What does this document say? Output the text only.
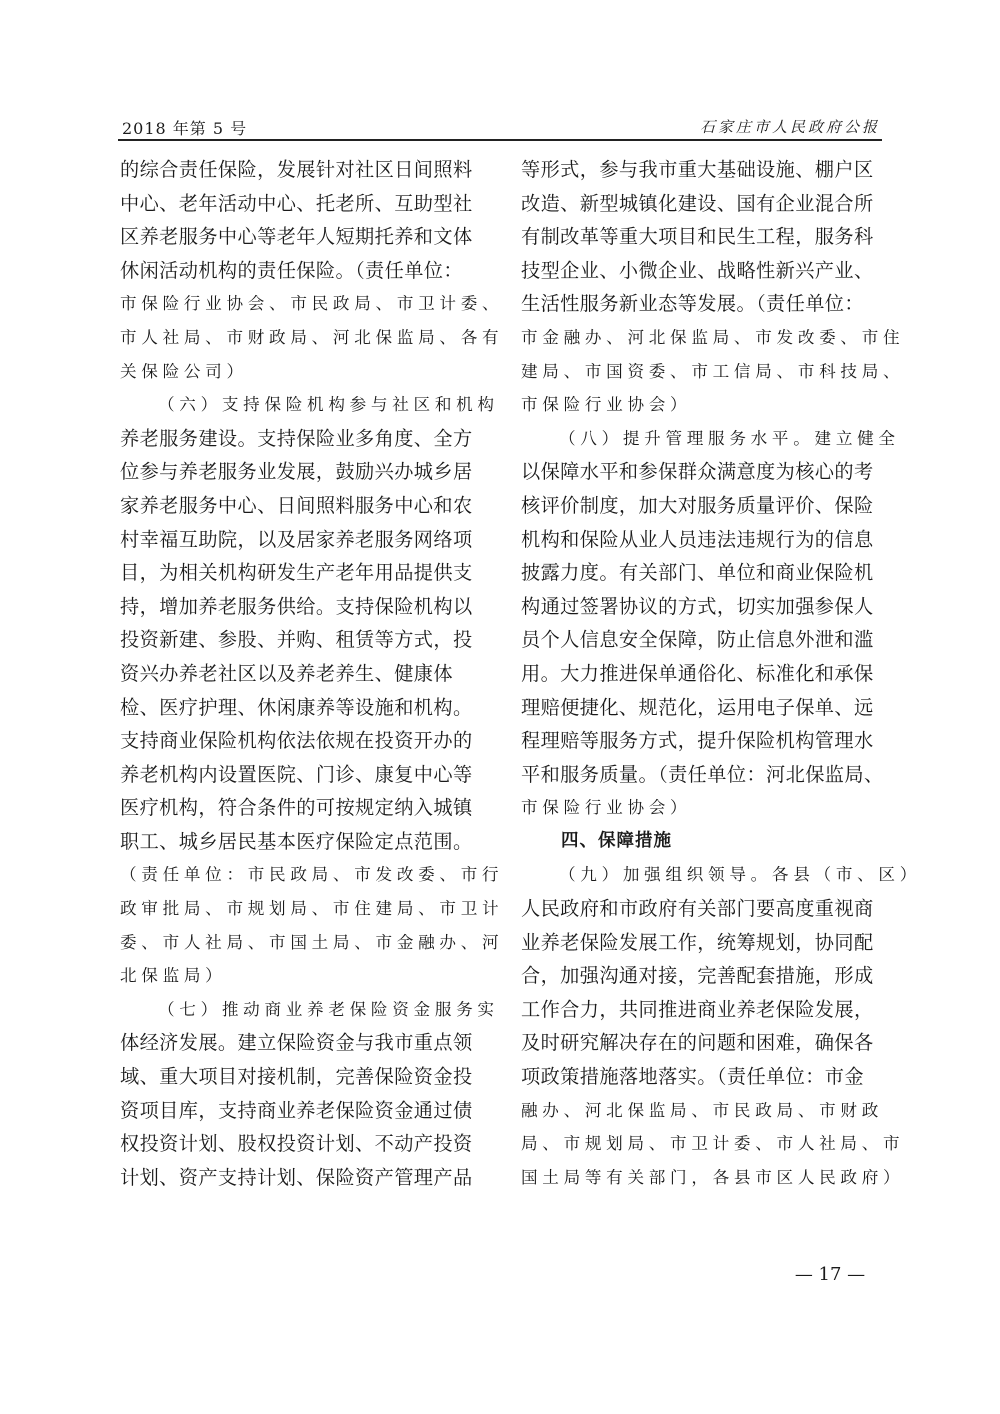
2018 年第 5 号	石家庄市人民政府公报
的综合责任保险，发展针对社区日间照料
中心、老年活动中心、托老所、互助型社
区养老服务中心等老年人短期托养和文体
休闲活动机构的责任保险。（责任单位：
市保险行业协会、市民政局、市卫计委、
市人社局、市财政局、河北保监局、各有
关保险公司）
（六）支持保险机构参与社区和机构
养老服务建设。支持保险业多角度、全方
位参与养老服务业发展，鼓励兴办城乡居
家养老服务中心、日间照料服务中心和农
村幸福互助院，以及居家养老服务网络项
目，为相关机构研发生产老年用品提供支
持，增加养老服务供给。支持保险机构以
投资新建、参股、并购、租赁等方式，投
资兴办养老社区以及养老养生、健康体
检、医疗护理、休闲康养等设施和机构。
支持商业保险机构依法依规在投资开办的
养老机构内设置医院、门诊、康复中心等
医疗机构，符合条件的可按规定纳入城镇
职工、城乡居民基本医疗保险定点范围。
（责任单位：市民政局、市发改委、市行
政审批局、市规划局、市住建局、市卫计
委、市人社局、市国土局、市金融办、河
北保监局）
（七）推动商业养老保险资金服务实
体经济发展。建立保险资金与我市重点领
域、重大项目对接机制，完善保险资金投
资项目库，支持商业养老保险资金通过债
权投资计划、股权投资计划、不动产投资
计划、资产支持计划、保险资产管理产品
等形式，参与我市重大基础设施、棚户区
改造、新型城镇化建设、国有企业混合所
有制改革等重大项目和民生工程，服务科
技型企业、小微企业、战略性新兴产业、
生活性服务新业态等发展。（责任单位：
市金融办、河北保监局、市发改委、市住
建局、市国资委、市工信局、市科技局、
市保险行业协会）
（八）提升管理服务水平。建立健全
以保障水平和参保群众满意度为核心的考
核评价制度，加大对服务质量评价、保险
机构和保险从业人员违法违规行为的信息
披露力度。有关部门、单位和商业保险机
构通过签署协议的方式，切实加强参保人
员个人信息安全保障，防止信息外泄和滥
用。大力推进保单通俗化、标准化和承保
理赔便捷化、规范化，运用电子保单、远
程理赔等服务方式，提升保险机构管理水
平和服务质量。（责任单位：河北保监局、
市保险行业协会）
四、保障措施
（九）加强组织领导。各县（市、区）
人民政府和市政府有关部门要高度重视商
业养老保险发展工作，统筹规划，协同配
合，加强沟通对接，完善配套措施，形成
工作合力，共同推进商业养老保险发展，
及时研究解决存在的问题和困难，确保各
项政策措施落地落实。（责任单位：市金
融办、河北保监局、市民政局、市财政
局、市规划局、市卫计委、市人社局、市
国土局等有关部门，各县市区人民政府）
— 17 —
